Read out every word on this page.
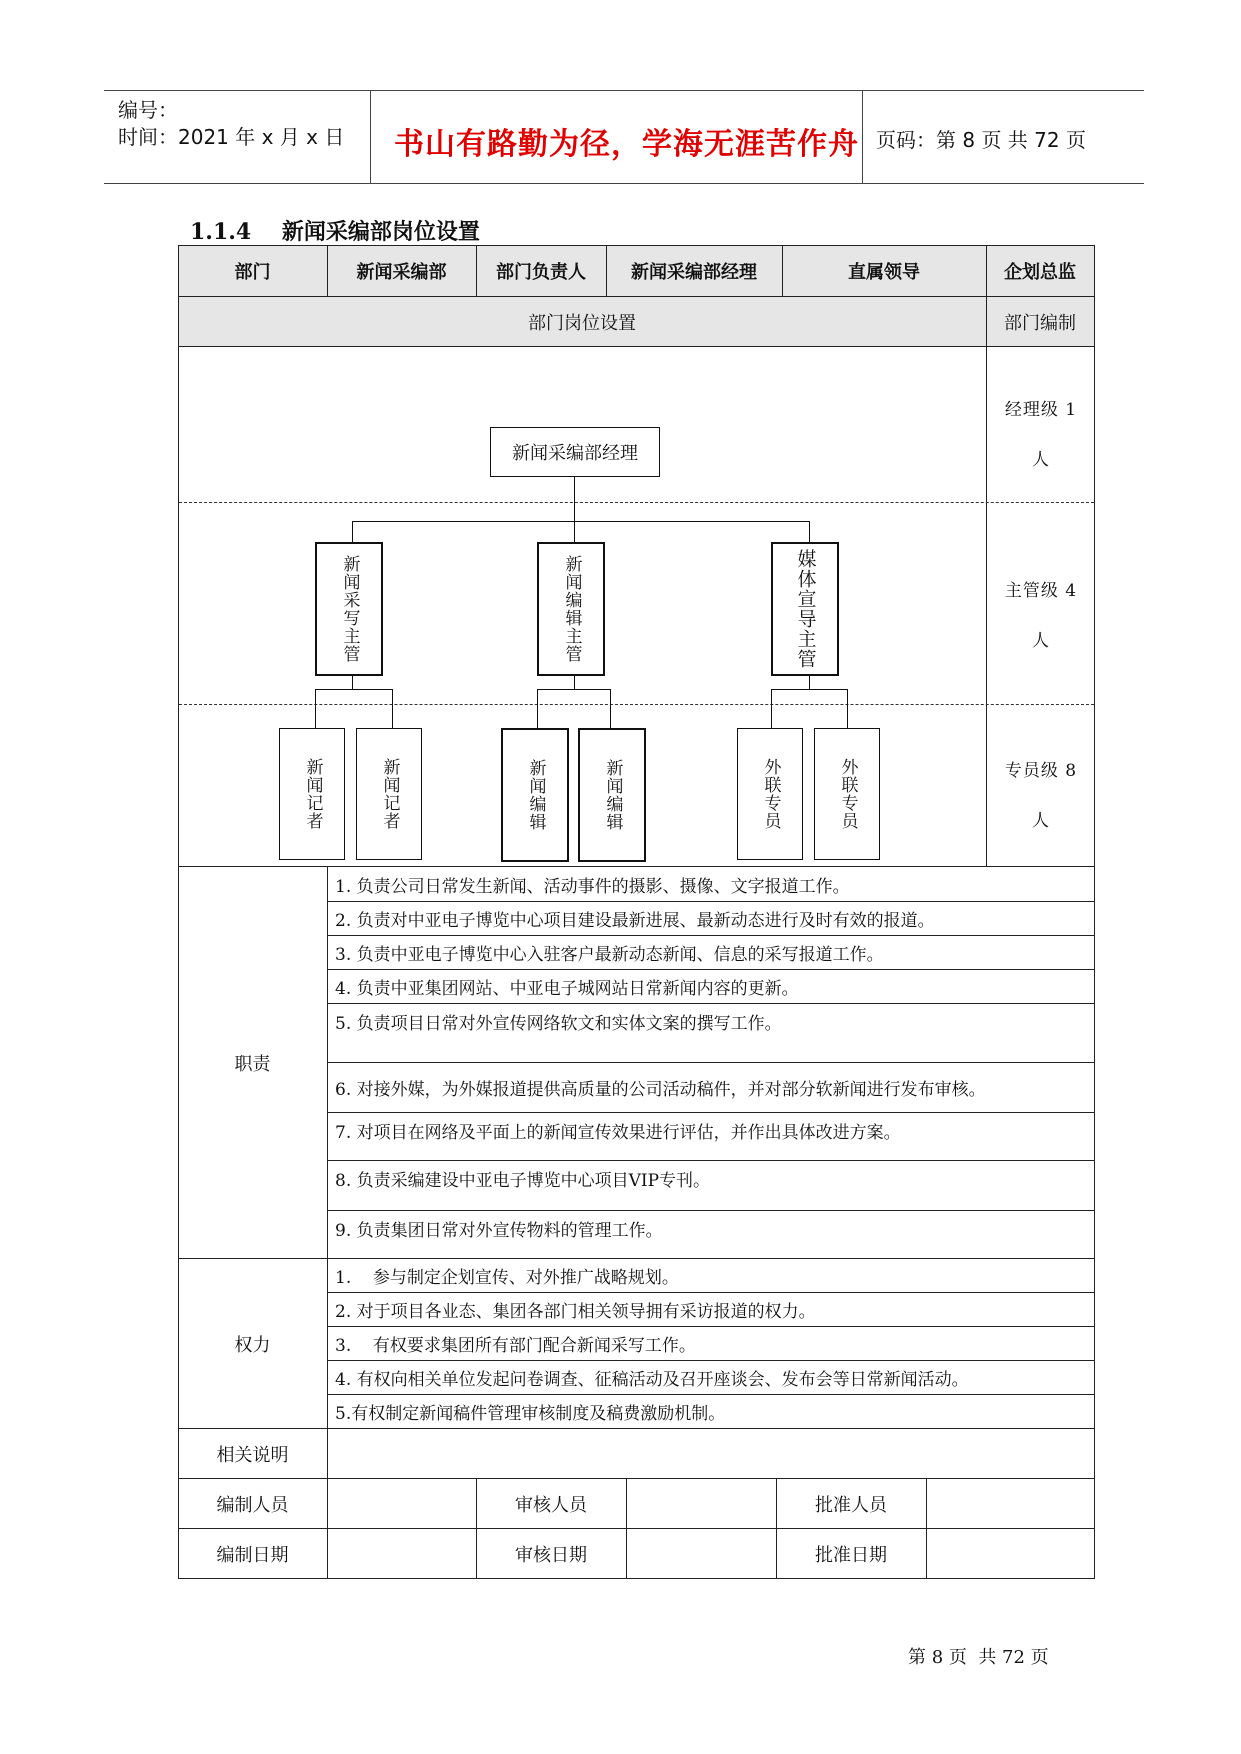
编号：
时间：2021 年 x 月 x 日 书山有路勤为径，学海无涯苦作舟 页码：第 8 页 共 72 页
1.1.4    新闻采编部岗位设置
部门	新闻采编部	部门负责人	新闻采编部经理	直属领导	企划总监
部门岗位设置	部门编制
经理级 1 人
主管级 4 人
专员级 8 人
新闻采编部经理
新闻采写主管	新闻编辑主管	媒体宣导主管
新闻记者	新闻记者	新闻编辑	新闻编辑	外联专员	外联专员
职责
1. 负责公司日常发生新闻、活动事件的摄影、摄像、文字报道工作。
2. 负责对中亚电子博览中心项目建设最新进展、最新动态进行及时有效的报道。
3. 负责中亚电子博览中心入驻客户最新动态新闻、信息的采写报道工作。
4. 负责中亚集团网站、中亚电子城网站日常新闻内容的更新。
5. 负责项目日常对外宣传网络软文和实体文案的撰写工作。
6. 对接外媒，为外媒报道提供高质量的公司活动稿件，并对部分软新闻进行发布审核。
7. 对项目在网络及平面上的新闻宣传效果进行评估，并作出具体改进方案。
8. 负责采编建设中亚电子博览中心项目VIP专刊。
9. 负责集团日常对外宣传物料的管理工作。
权力
1.    参与制定企划宣传、对外推广战略规划。
2. 对于项目各业态、集团各部门相关领导拥有采访报道的权力。
3.    有权要求集团所有部门配合新闻采写工作。
4. 有权向相关单位发起问卷调查、征稿活动及召开座谈会、发布会等日常新闻活动。
5.有权制定新闻稿件管理审核制度及稿费激励机制。
相关说明
编制人员	审核人员	批准人员
编制日期	审核日期	批准日期
第 8 页  共 72 页
